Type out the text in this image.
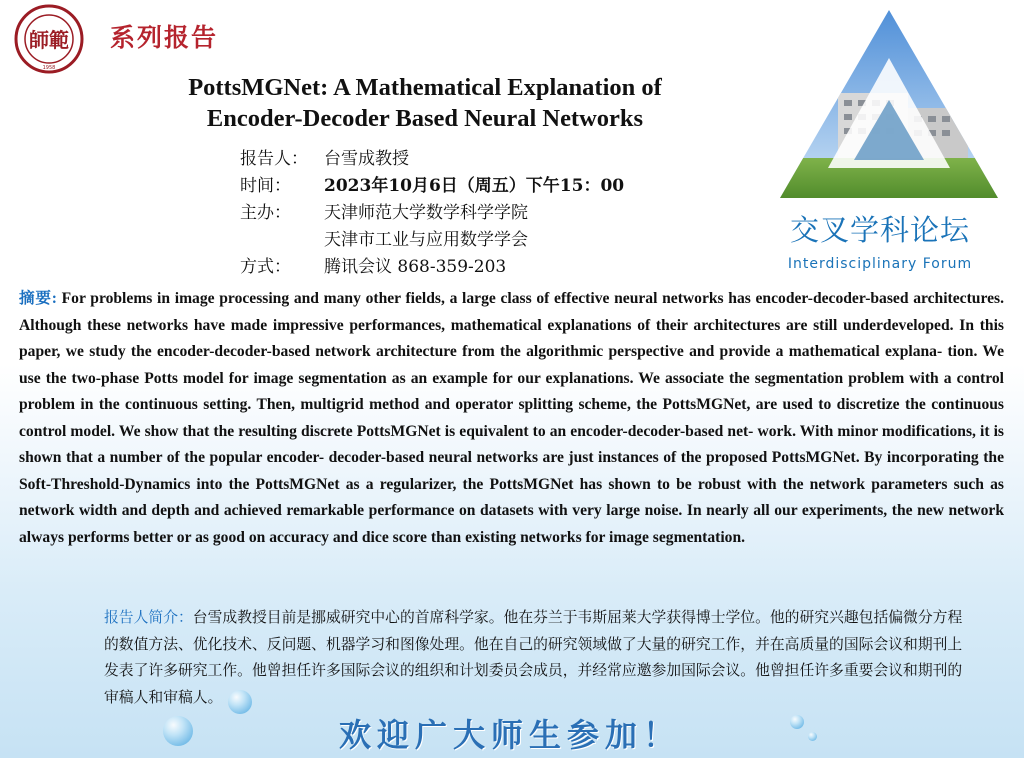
師範
1958
系列报告
PottsMGNet: A Mathematical Explanation of
Encoder-Decoder Based Neural Networks
报告人： 台雪成教授
时间：	2023年10月6日（周五）下午15：00
主办：	天津师范大学数学科学学院
天津市工业与应用数学学会
方式：	腾讯会议 868-359-203
交叉学科论坛
Interdisciplinary Forum
摘要: For problems in image processing and many other fields, a large class of effective neural networks has encoder-decoder-based architectures. Although these networks have made impressive performances, mathematical explanations of their architectures are still underdeveloped. In this paper, we study the encoder-decoder-based network architecture from the algorithmic perspective and provide a mathematical explana- tion. We use the two-phase Potts model for image segmentation as an example for our explanations. We associate the segmentation problem with a control problem in the continuous setting. Then, multigrid method and operator splitting scheme, the PottsMGNet, are used to discretize the continuous control model. We show that the resulting discrete PottsMGNet is equivalent to an encoder-decoder-based net- work. With minor modifications, it is shown that a number of the popular encoder- decoder-based neural networks are just instances of the proposed PottsMGNet. By incorporating the Soft-Threshold-Dynamics into the PottsMGNet as a regularizer, the PottsMGNet has shown to be robust with the network parameters such as network width and depth and achieved remarkable performance on datasets with very large noise. In nearly all our experiments, the new network always performs better or as good on accuracy and dice score than existing networks for image segmentation.
报告人简介：台雪成教授目前是挪威研究中心的首席科学家。他在芬兰于韦斯屈莱大学获得博士学位。他的研究兴趣包括偏微分方程的数值方法、优化技术、反问题、机器学习和图像处理。他在自己的研究领域做了大量的研究工作，并在高质量的国际会议和期刊上发表了许多研究工作。他曾担任许多国际会议的组织和计划委员会成员，并经常应邀参加国际会议。他曾担任许多重要会议和期刊的审稿人和审稿人。
欢迎广大师生参加！
